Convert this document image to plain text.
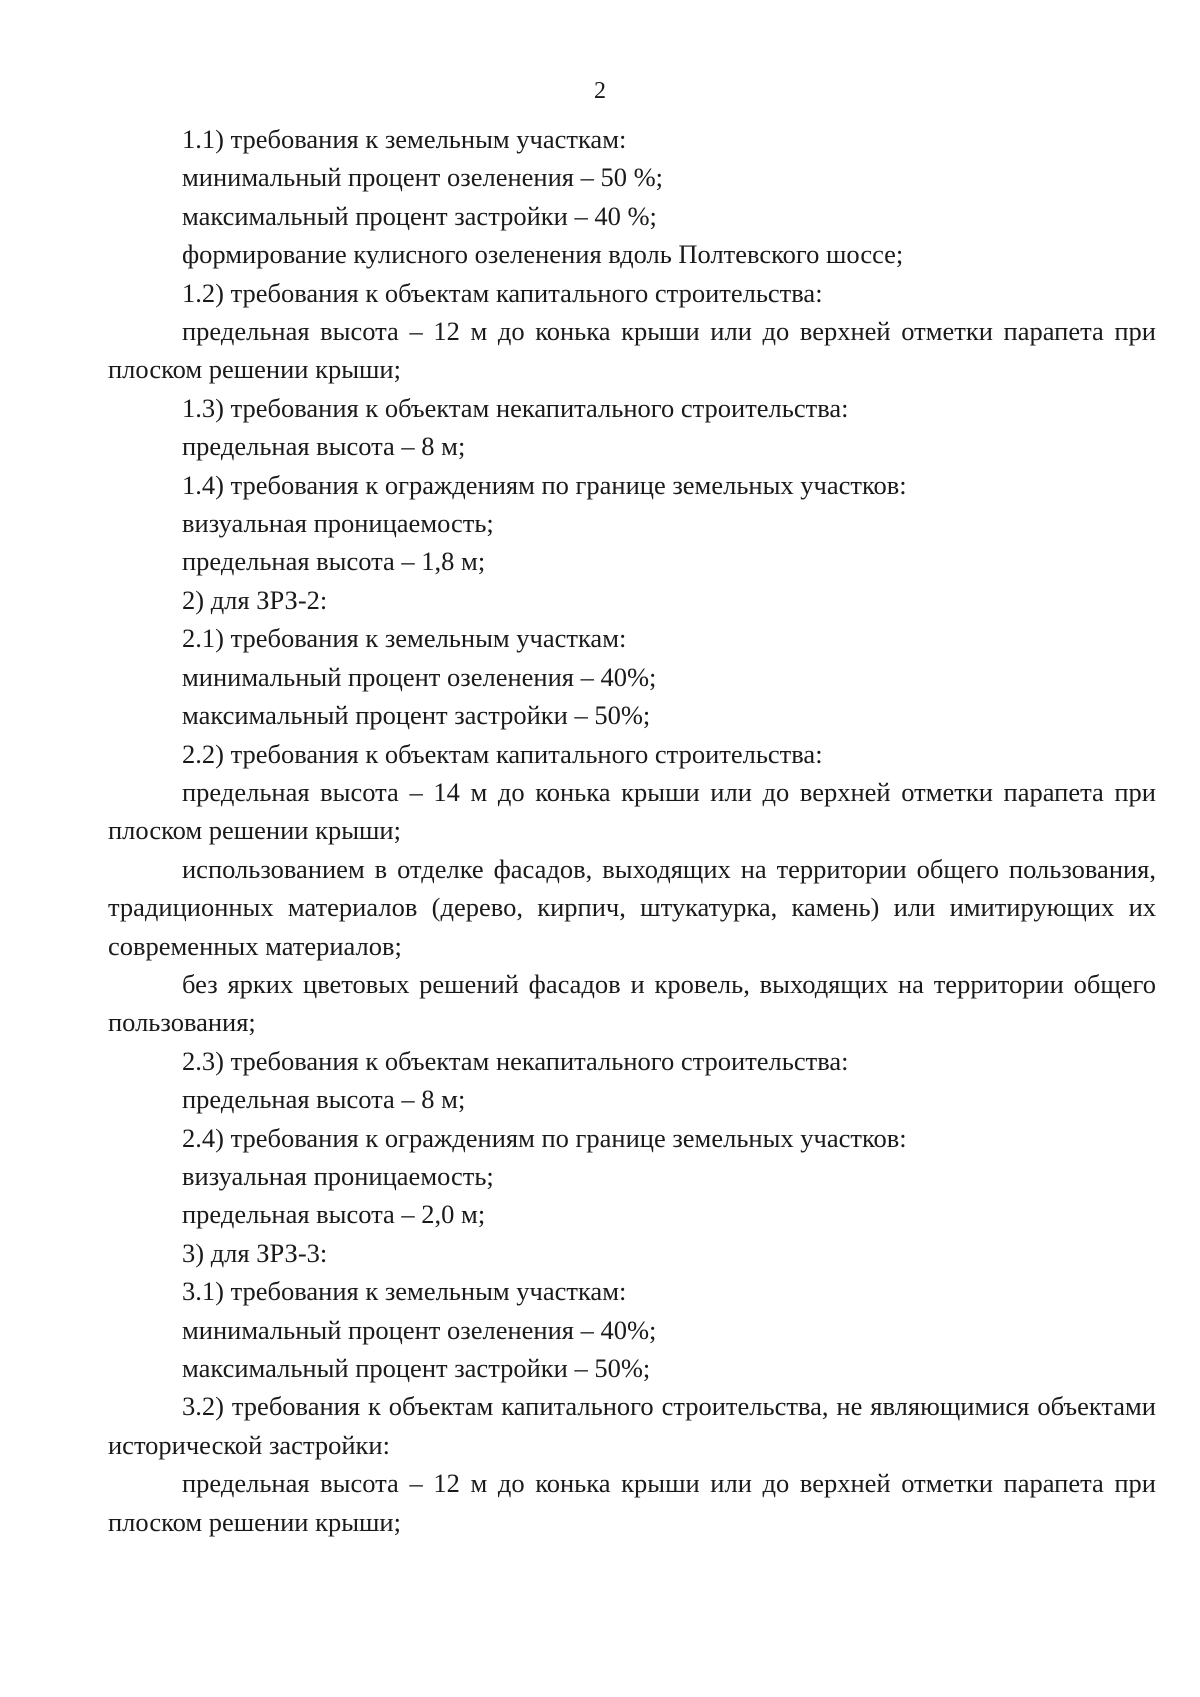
2

1.1) требования к земельным участкам:

минимальный процент озеленения – 50 %;

максимальный процент застройки – 40 %;

формирование кулисного озеленения вдоль Полтевского шоссе;

1.2) требования к объектам капитального строительства:

предельная высота – 12 м до конька крыши или до верхней отметки парапета при плоском решении крыши;

1.3) требования к объектам некапитального строительства:

предельная высота – 8 м;

1.4) требования к ограждениям по границе земельных участков:

визуальная проницаемость;

предельная высота – 1,8 м;

2) для ЗРЗ-2:

2.1) требования к земельным участкам:

минимальный процент озеленения – 40%;

максимальный процент застройки – 50%;

2.2) требования к объектам капитального строительства:

предельная высота – 14 м до конька крыши или до верхней отметки парапета при плоском решении крыши;

использованием в отделке фасадов, выходящих на территории общего пользования, традиционных материалов (дерево, кирпич, штукатурка, камень) или имитирующих их современных материалов;

без ярких цветовых решений фасадов и кровель, выходящих на территории общего пользования;

2.3) требования к объектам некапитального строительства:

предельная высота – 8 м;

2.4) требования к ограждениям по границе земельных участков:

визуальная проницаемость;

предельная высота – 2,0 м;

3) для ЗРЗ-3:

3.1) требования к земельным участкам:

минимальный процент озеленения – 40%;

максимальный процент застройки – 50%;

3.2) требования к объектам капитального строительства, не являющимися объектами исторической застройки:

предельная высота – 12 м до конька крыши или до верхней отметки парапета при плоском решении крыши;
